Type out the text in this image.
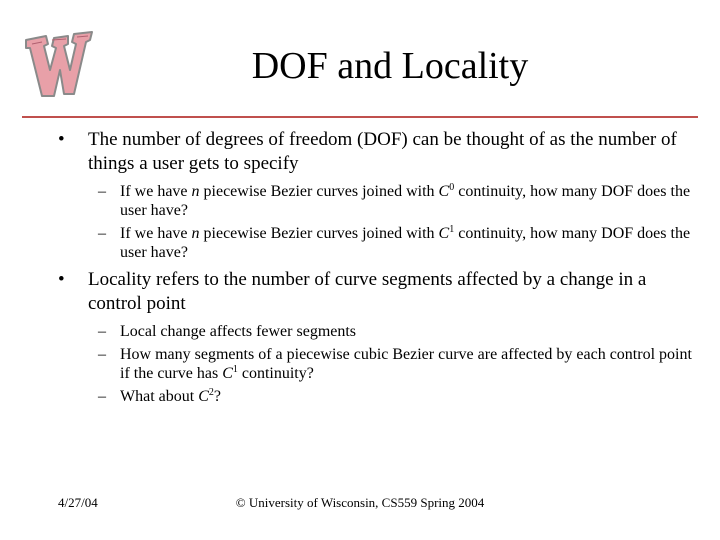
DOF and Locality
• The number of degrees of freedom (DOF) can be thought of as the number of things a user gets to specify
– If we have n piecewise Bezier curves joined with $C^0$ continuity, how many DOF does the user have?
– If we have n piecewise Bezier curves joined with $C^1$ continuity, how many DOF does the user have?
• Locality refers to the number of curve segments affected by a change in a control point
– Local change affects fewer segments
– How many segments of a piecewise cubic Bezier curve are affected by each control point if the curve has $C^1$ continuity?
– What about $C^2$?
4/27/04	© University of Wisconsin, CS559 Spring 2004
